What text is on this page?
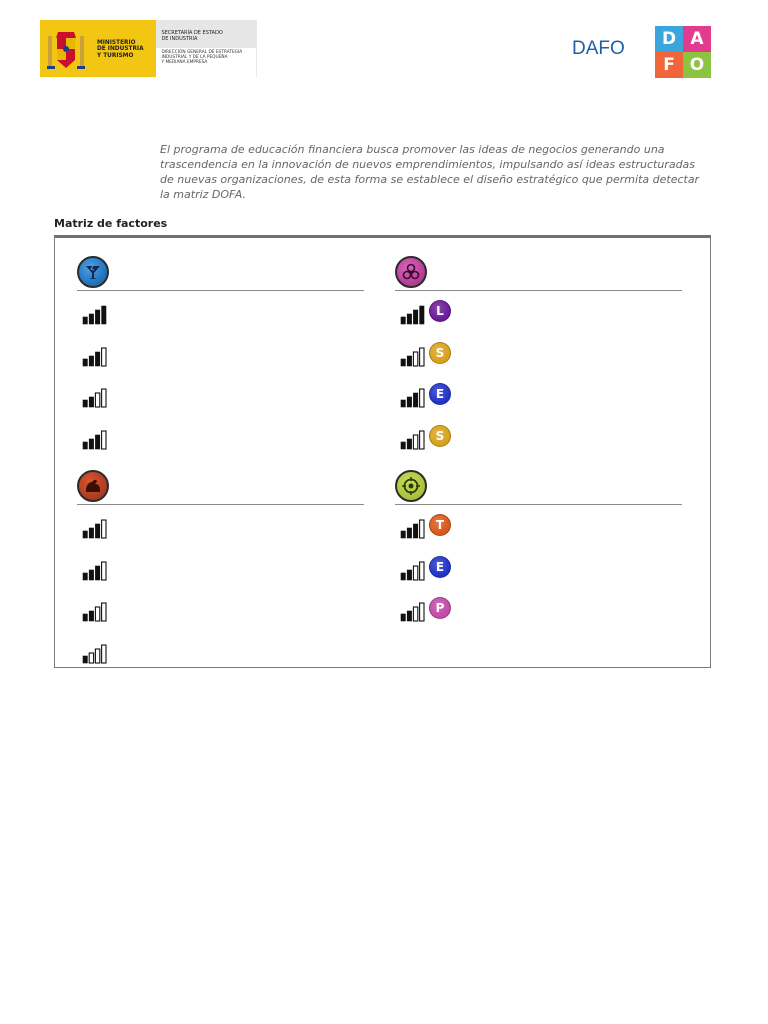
MINISTERIO
DE INDUSTRIA
Y TURISMO
SECRETARÍA DE ESTADO
DE INDUSTRIA
DIRECCIÓN GENERAL DE ESTRATEGIA
INDUSTRIAL Y DE LA PEQUEÑA
Y MEDIANA EMPRESA
DAFO	D A
F O
El programa de educación financiera busca promover las ideas de negocios generando una trascendencia en la innovación de nuevos emprendimientos, impulsando así ideas estructuradas de nuevas organizaciones, de esta forma se establece el diseño estratégico que permita detectar la matriz DOFA.
Matriz de factores
L
S
E
S
T
E
P
